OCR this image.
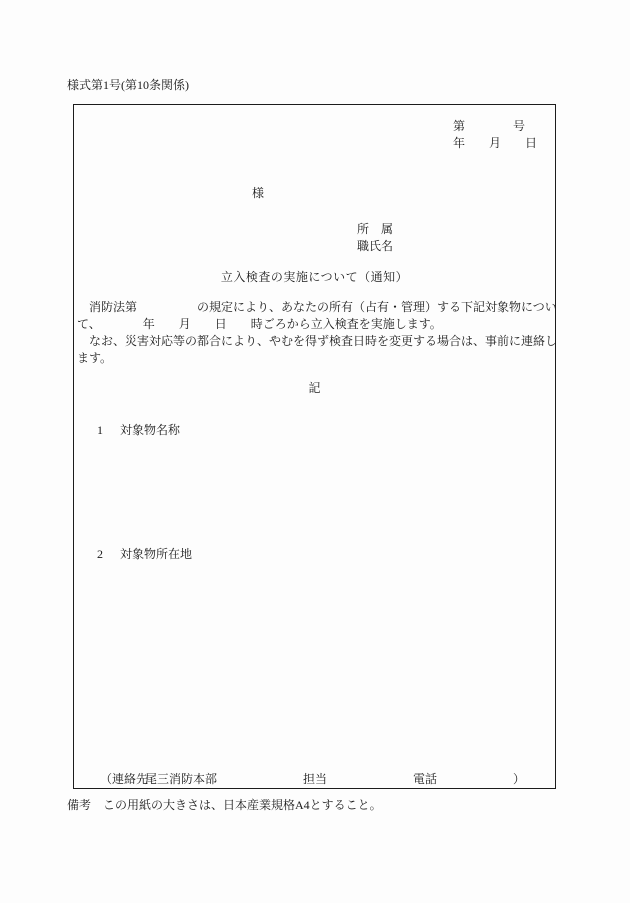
様式第1号(第10条関係)
第　　　　号
年　　月　　日
様
所　属
職氏名
立入検査の実施について（通知）
　消防法第　　　　　の規定により、あなたの所有（占有・管理）する下記対象物につい
て、　　　　年　　月　　日　　時ごろから立入検査を実施します。
　なお、災害対応等の都合により、やむを得ず検査日時を変更する場合は、事前に連絡し
ます。
記

1 対象物名称

2 対象物所在地

（連絡先
尾三消防本部	担当	電話	）
備考　この用紙の大きさは、日本産業規格A4とすること。
